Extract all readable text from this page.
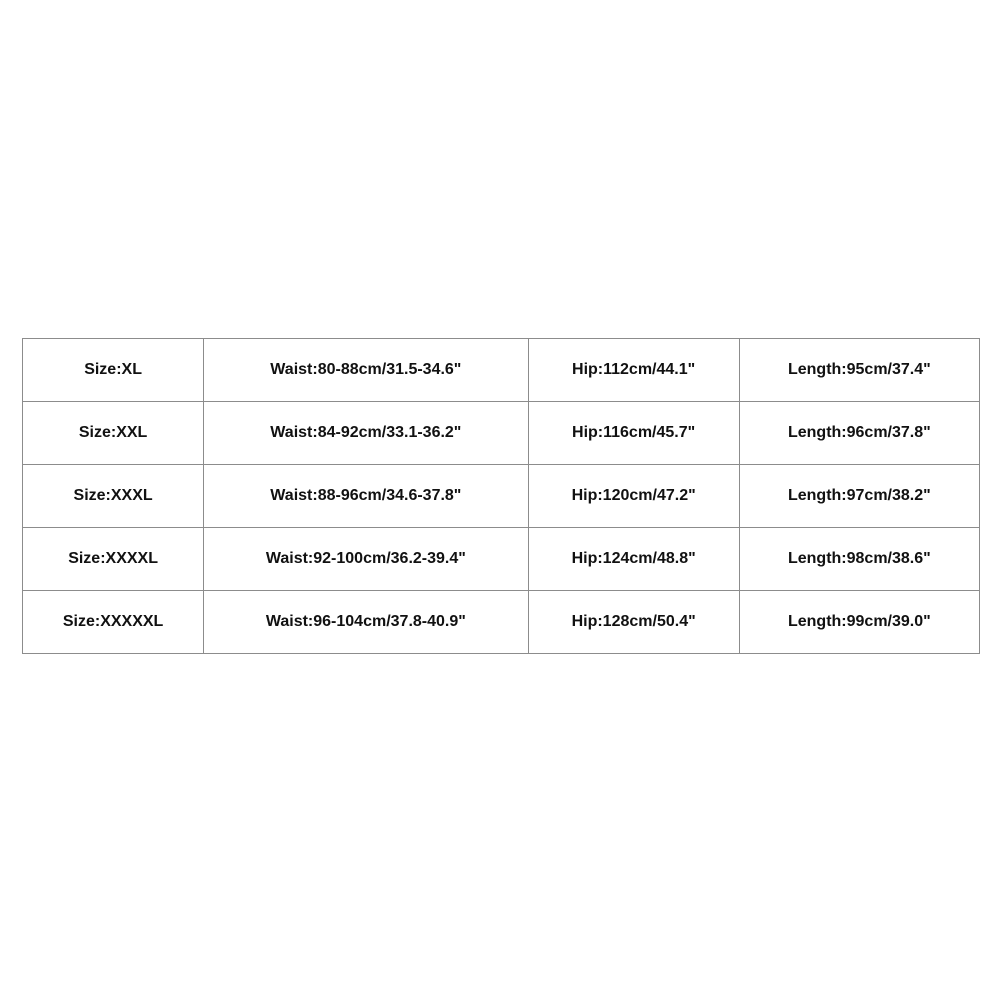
Size:XL	Waist:80-88cm/31.5-34.6"	Hip:112cm/44.1"	Length:95cm/37.4"
Size:XXL	Waist:84-92cm/33.1-36.2"	Hip:116cm/45.7"	Length:96cm/37.8"
Size:XXXL	Waist:88-96cm/34.6-37.8"	Hip:120cm/47.2"	Length:97cm/38.2"
Size:XXXXL	Waist:92-100cm/36.2-39.4"	Hip:124cm/48.8"	Length:98cm/38.6"
Size:XXXXXL	Waist:96-104cm/37.8-40.9"	Hip:128cm/50.4"	Length:99cm/39.0"
